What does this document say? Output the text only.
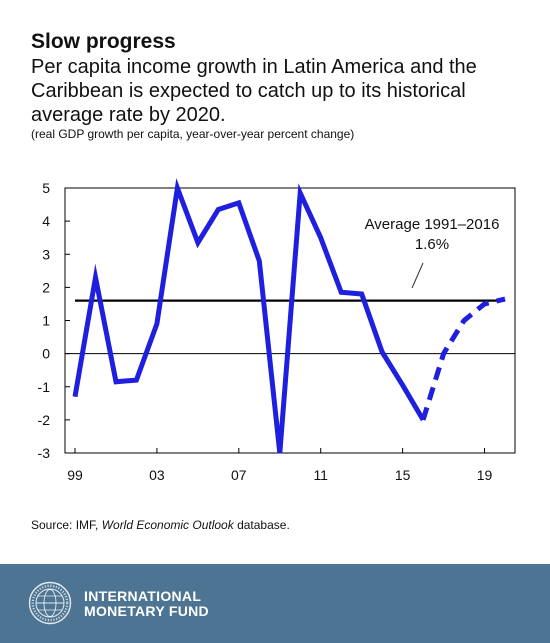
Slow progress
Per capita income growth in Latin America and the Caribbean is expected to catch up to its historical average rate by 2020.
(real GDP growth per capita, year-over-year percent change)
5
4
3
2
1
0
-1
-2
-3
99	03	07	11	15	19
Average 1991–2016
1.6%
Source: IMF, World Economic Outlook database.
INTERNATIONAL
MONETARY FUND
